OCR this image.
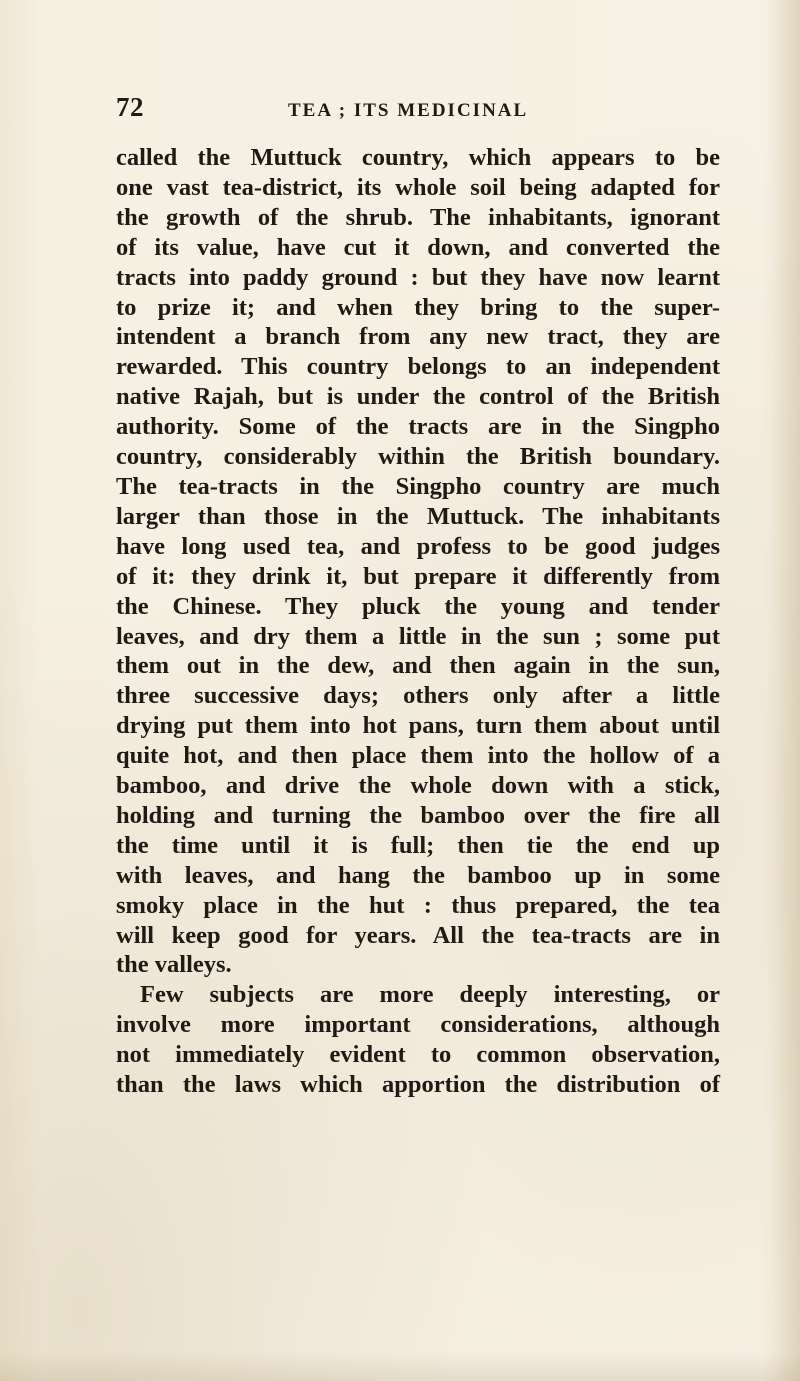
72	TEA ; ITS MEDICINAL
called the Muttuck country, which appears to be
one vast tea-district, its whole soil being adapted for
the growth of the shrub. The inhabitants, ignorant
of its value, have cut it down, and converted the
tracts into paddy ground : but they have now learnt
to prize it; and when they bring to the super-
intendent a branch from any new tract, they are
rewarded. This country belongs to an independent
native Rajah, but is under the control of the British
authority. Some of the tracts are in the Singpho
country, considerably within the British boundary.
The tea-tracts in the Singpho country are much
larger than those in the Muttuck. The inhabitants
have long used tea, and profess to be good judges
of it: they drink it, but prepare it differently from
the Chinese. They pluck the young and tender
leaves, and dry them a little in the sun ; some put
them out in the dew, and then again in the sun,
three successive days; others only after a little
drying put them into hot pans, turn them about until
quite hot, and then place them into the hollow of a
bamboo, and drive the whole down with a stick,
holding and turning the bamboo over the fire all
the time until it is full; then tie the end up
with leaves, and hang the bamboo up in some
smoky place in the hut : thus prepared, the tea
will keep good for years. All the tea-tracts are in
the valleys.
Few subjects are more deeply interesting, or
involve more important considerations, although
not immediately evident to common observation,
than the laws which apportion the distribution of
